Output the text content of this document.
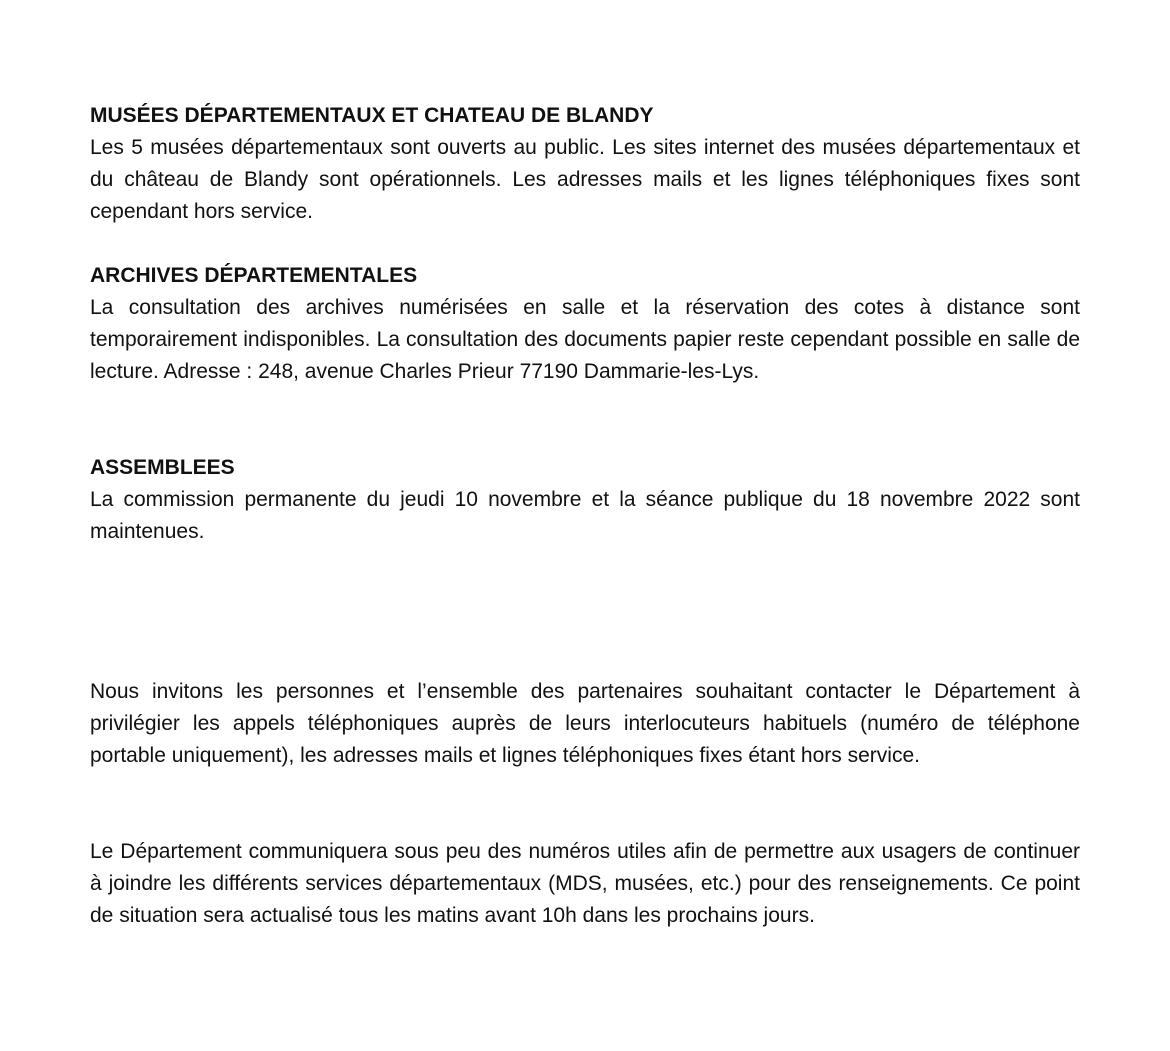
MUSÉES DÉPARTEMENTAUX ET CHATEAU DE BLANDY

Les 5 musées départementaux sont ouverts au public. Les sites internet des musées départementaux et du château de Blandy sont opérationnels. Les adresses mails et les lignes téléphoniques fixes sont cependant hors service.

ARCHIVES DÉPARTEMENTALES

La consultation des archives numérisées en salle et la réservation des cotes à distance sont temporairement indisponibles. La consultation des documents papier reste cependant possible en salle de lecture. Adresse : 248, avenue Charles Prieur 77190 Dammarie-les-Lys.

ASSEMBLEES

La commission permanente du jeudi 10 novembre et la séance publique du 18 novembre 2022 sont maintenues.

Nous invitons les personnes et l’ensemble des partenaires souhaitant contacter le Département à privilégier les appels téléphoniques auprès de leurs interlocuteurs habituels (numéro de téléphone portable uniquement), les adresses mails et lignes téléphoniques fixes étant hors service.

Le Département communiquera sous peu des numéros utiles afin de permettre aux usagers de continuer à joindre les différents services départementaux (MDS, musées, etc.) pour des renseignements. Ce point de situation sera actualisé tous les matins avant 10h dans les prochains jours.
